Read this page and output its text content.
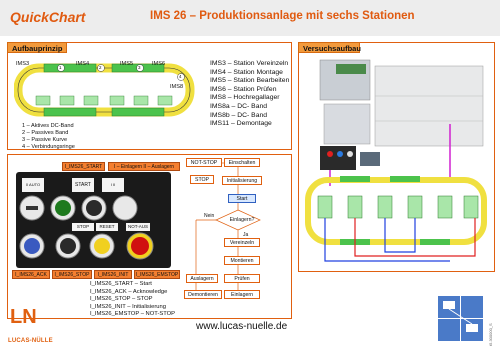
QuickChart	IMS 26 – Produktionsanlage mit sechs Stationen
Aufbauprinzip
IMS3	IMS4	IMS5	IMS6
IMS8
1	2	3
4
1 – Aktives DC-Band
2 – Passives Band
3 – Passive Kurve
4 – Verbindungsringe
IMS3 – Station Vereinzeln
IMS4 – Station Montage
IMS5 – Station Bearbeiten
IMS6 – Station Prüfen
IMS8 – Hochregallager
IMS8a – DC- Band
IMS8b – DC- Band
IMS11 – Demontage
Versuchsaufbau
I_IMS26_START	I – Einlagern II – Auslagern
0 AUTO	START	I II
STOP	RESET	NOT-AUS
I_IMS26_ACK	I_IMS26_STOP	I_IMS26_INIT	I_IMS26_EMSTOP
I_IMS26_START – Start
I_IMS26_ACK – Acknowledge
I_IMS26_STOP – STOP
I_IMS26_INIT – Initialisierung
I_IMS26_EMSTOP – NOT-STOP
NOT-STOP
STOP
Einschalten
Initialisierung
Start
Einlagern?
Nein
Ja
Vereinzeln
Montieren
Auslagern	Prüfen
Demontieren	Einlagern
LN
LUCAS-NÜLLE
www.lucas-nuelle.de	t5.300000_S
